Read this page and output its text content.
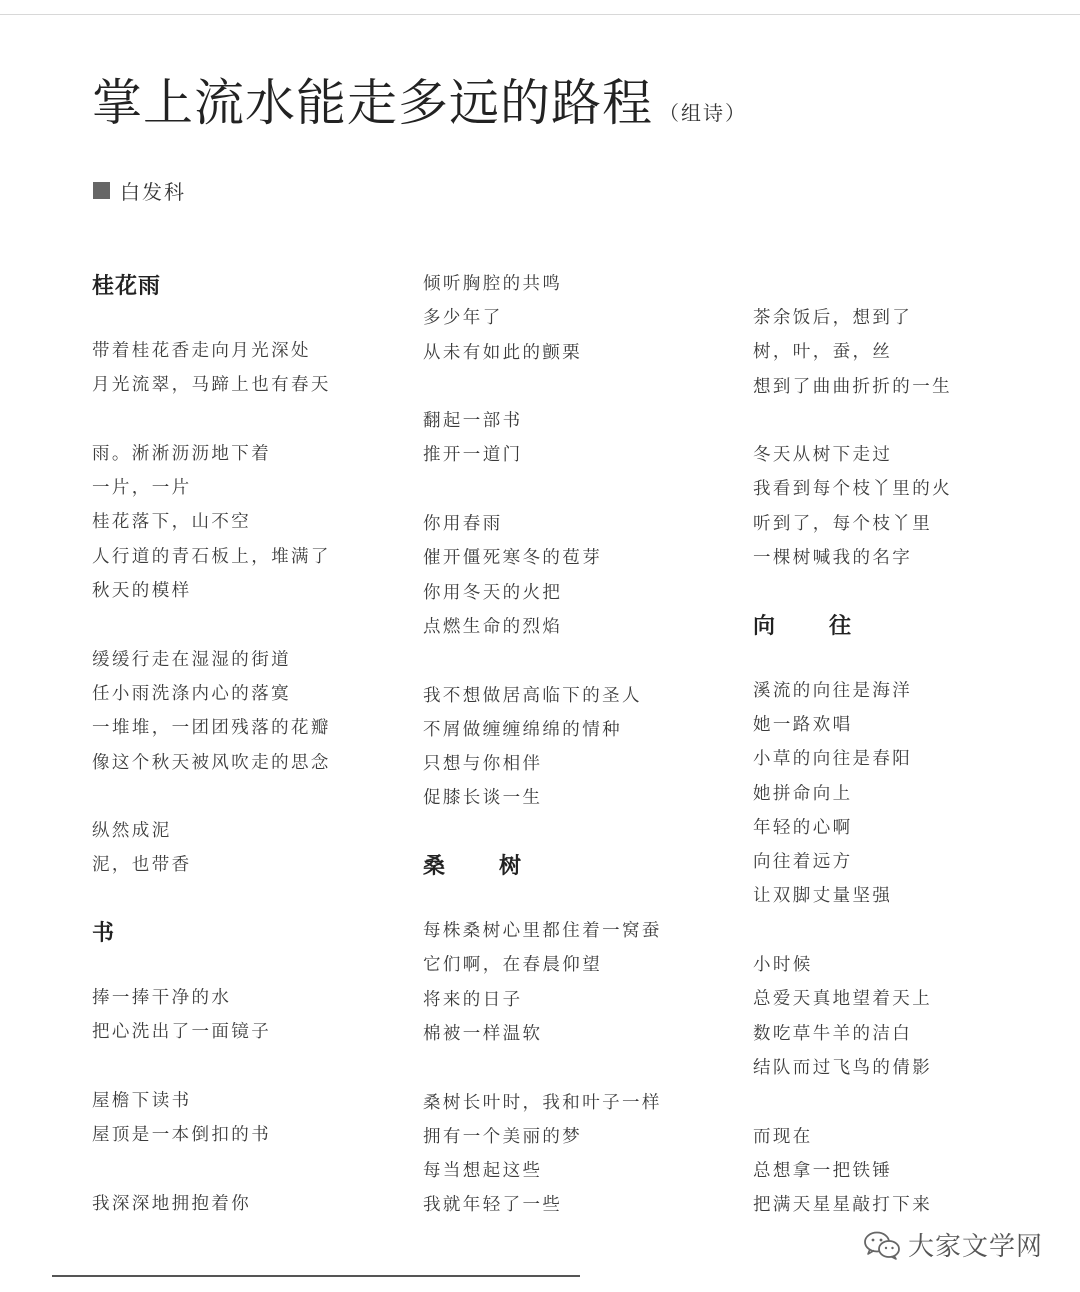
掌上流水能走多远的路程 （组诗）
白发科
桂花雨
带着桂花香走向月光深处
月光流翠，马蹄上也有春天
雨。淅淅沥沥地下着
一片，一片
桂花落下，山不空
人行道的青石板上，堆满了
秋天的模样
缓缓行走在湿湿的街道
任小雨洗涤内心的落寞
一堆堆，一团团残落的花瓣
像这个秋天被风吹走的思念
纵然成泥
泥，也带香
书
捧一捧干净的水
把心洗出了一面镜子
屋檐下读书
屋顶是一本倒扣的书
我深深地拥抱着你
倾听胸腔的共鸣
多少年了
从未有如此的颤栗
翻起一部书
推开一道门
你用春雨
催开僵死寒冬的苞芽
你用冬天的火把
点燃生命的烈焰
我不想做居高临下的圣人
不屑做缠缠绵绵的情种
只想与你相伴
促膝长谈一生
桑　树
每株桑树心里都住着一窝蚕
它们啊，在春晨仰望
将来的日子
棉被一样温软
桑树长叶时，我和叶子一样
拥有一个美丽的梦
每当想起这些
我就年轻了一些
茶余饭后，想到了
树，叶，蚕，丝
想到了曲曲折折的一生
冬天从树下走过
我看到每个枝丫里的火
听到了，每个枝丫里
一棵树喊我的名字
向　往
溪流的向往是海洋
她一路欢唱
小草的向往是春阳
她拼命向上
年轻的心啊
向往着远方
让双脚丈量坚强
小时候
总爱天真地望着天上
数吃草牛羊的洁白
结队而过飞鸟的倩影
而现在
总想拿一把铁锤
把满天星星敲打下来
大家文学网
